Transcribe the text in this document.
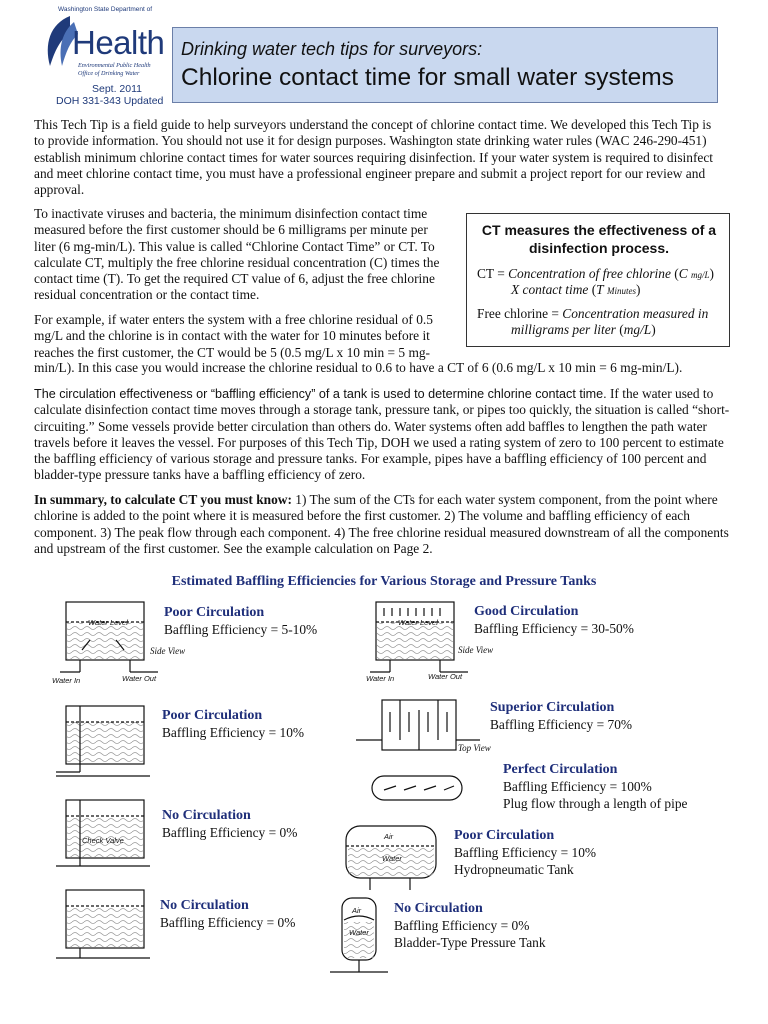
Washington State Department of
Health
Environmental Public Health
Office of Drinking Water
Sept. 2011
DOH 331-343 Updated
Drinking water tech tips for surveyors:
Chlorine contact time for small water systems
This Tech Tip is a field guide to help surveyors understand the concept of chlorine contact time. We developed this Tech Tip is to provide information. You should not use it for design purposes. Washington state drinking water rules (WAC 246-290-451) establish minimum chlorine contact times for water sources requiring disinfection. If your water system is required to disinfect and meet chlorine contact time, you must have a professional engineer prepare and submit a project report for our review and approval.
To inactivate viruses and bacteria, the minimum disinfection contact time measured before the first customer should be 6 milligrams per minute per liter (6 mg-min/L). This value is called “Chlorine Contact Time” or CT. To calculate CT, multiply the free chlorine residual concentration (C) times the contact time (T). To get the required CT value of 6, adjust the free chlorine residual concentration or the contact time.
For example, if water enters the system with a free chlorine residual of 0.5 mg/L and the chlorine is in contact with the water for 10 minutes before it reaches the first customer, the CT would be 5 (0.5 mg/L x 10 min = 5 mg-
min/L). In this case you would increase the chlorine residual to 0.6 to have a CT of 6 (0.6 mg/L x 10 min = 6 mg-min/L).
The circulation effectiveness or “baffling efficiency” of a tank is used to determine chlorine contact time. If the water used to calculate disinfection contact time moves through a storage tank, pressure tank, or pipes too quickly, the situation is called “short-circuiting.” Some vessels provide better circulation than others do. Water systems often add baffles to lengthen the path water travels before it leaves the vessel. For purposes of this Tech Tip, DOH we used a rating system of zero to 100 percent to estimate the baffling efficiency of various storage and pressure tanks. For example, pipes have a baffling efficiency of 100 percent and bladder-type pressure tanks have a baffling efficiency of zero.
In summary, to calculate CT you must know: 1) The sum of the CTs for each water system component, from the point where chlorine is added to the point where it is measured before the first customer. 2) The volume and baffling efficiency of each component. 3) The peak flow through each component. 4) The free chlorine residual measured downstream of all the components and upstream of the first customer. See the example calculation on Page 2.
CT measures the effectiveness of a disinfection process.
CT = Concentration of free chlorine (C mg/L)
X contact time (T Minutes)
Free chlorine = Concentration measured in
milligrams per liter (mg/L)
Estimated Baffling Efficiencies for Various Storage and Pressure Tanks
Water Level
Water In	Water Out
Water Level
Water In	Water Out
Check Valve	Air
Water
Air
Water
Poor Circulation
Baffling Efficiency = 5-10%
Side View
Good Circulation
Baffling Efficiency = 30-50%
Side View
Poor Circulation
Baffling Efficiency = 10%
Superior Circulation
Baffling Efficiency = 70%
Top View
Perfect Circulation
Baffling Efficiency = 100%
Plug flow through a length of pipe
No Circulation
Baffling Efficiency = 0%	Poor Circulation
Baffling Efficiency = 10%
Hydropneumatic Tank
No Circulation
Baffling Efficiency = 0%
No Circulation
Baffling Efficiency = 0%
Bladder-Type Pressure Tank
